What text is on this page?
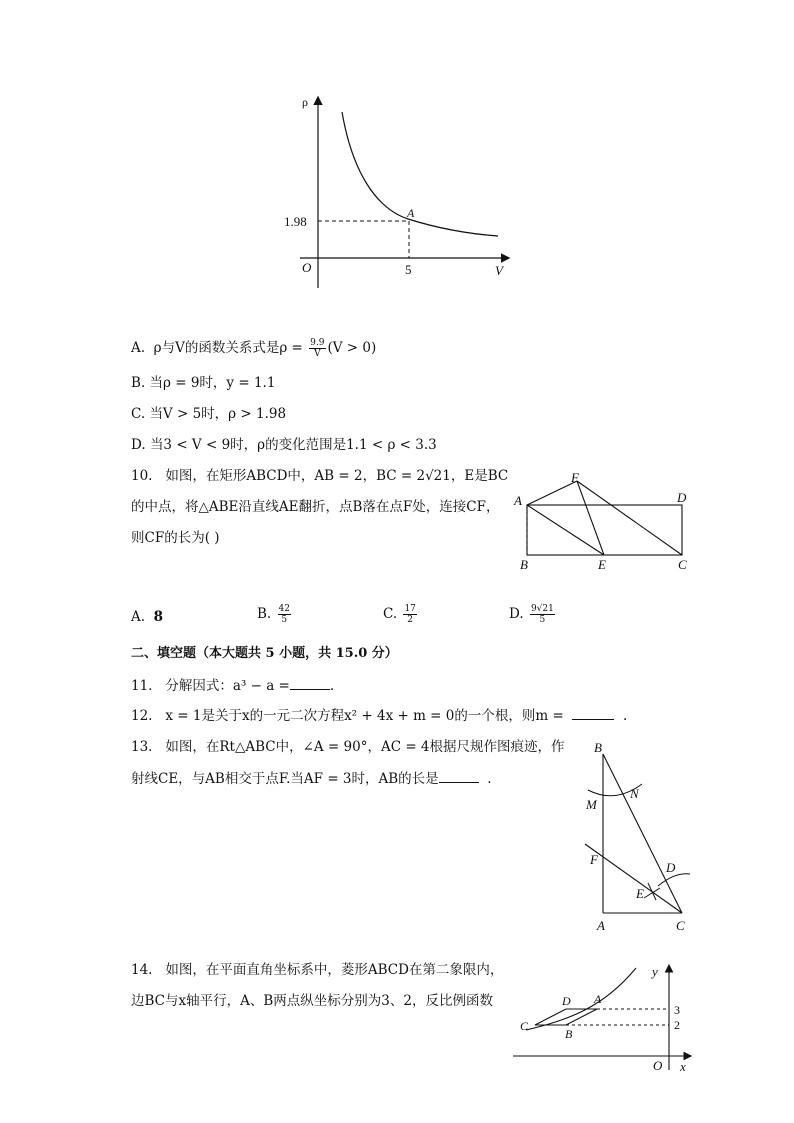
ρ
V
O
A
1.98
5
A. ρ与V的函数关系式是$\rho = \frac{9.9}{V} (V > 0)$
B. 当ρ = 9时，y = 1.1
C. 当V > 5时，ρ > 1.98
D. 当3 < V < 9时，ρ的变化范围是1.1 < ρ < 3.3
10. 如图，在矩形ABCD中，AB = 2，BC = 2√21，E是BC
的中点，将△ABE沿直线AE翻折，点B落在点F处，连接CF，
则CF的长为( )
A
F
D
B	E	C
A. 8	B. $\frac{42}{5}$	C. $\frac{17}{2}$	D. $\frac{9√21}{5}$
二、填空题（本大题共 5 小题，共 15.0 分）
11. 分解因式：a³ − a =	.
12. x = 1是关于x的一元二次方程x² + 4x + m = 0的一个根，则m =	.
13. 如图，在Rt△ABC中，∠A = 90°，AC = 4根据尺规作图痕迹，作
射线CE，与AB相交于点F.当AF = 3时，AB的长是	.
B
M
N
F
D
E
A	C
14. 如图，在平面直角坐标系中，菱形ABCD在第二象限内，
边BC与x轴平行，A、B两点纵坐标分别为3、2，反比例函数
y
D A
C
B
3
2
O x
